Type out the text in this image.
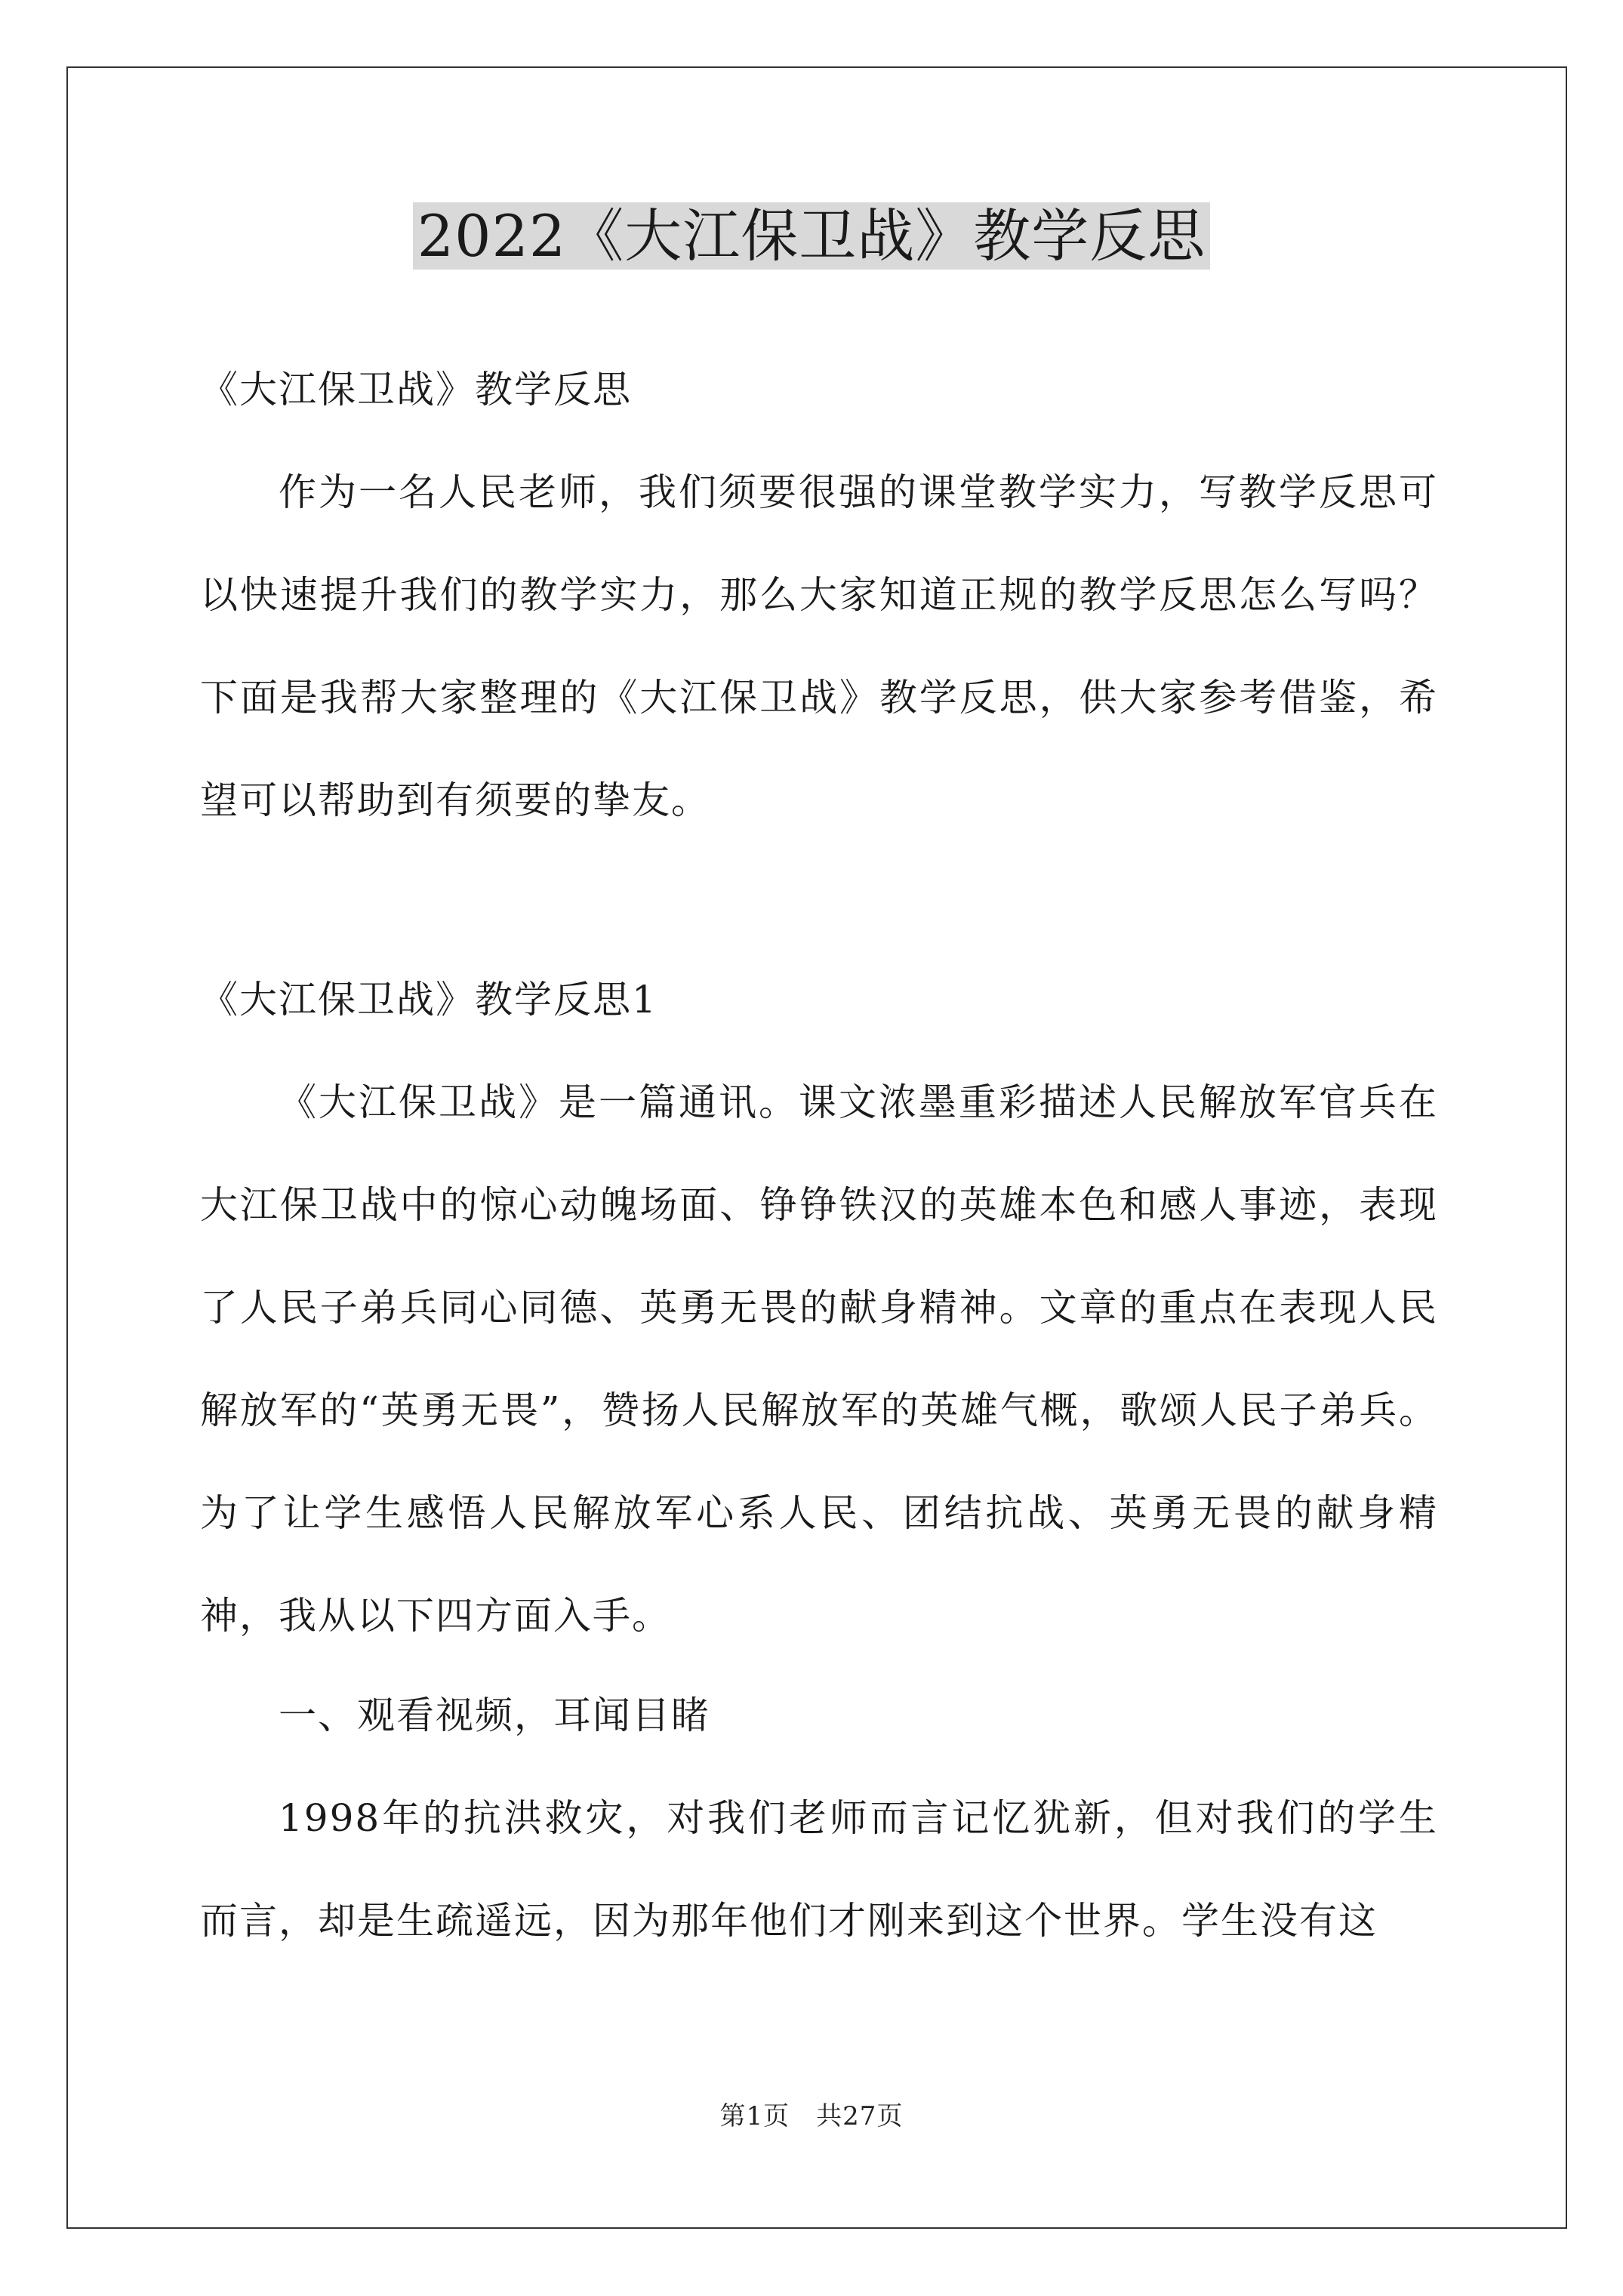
2022《大江保卫战》教学反思
《大江保卫战》教学反思
作为一名人民老师，我们须要很强的课堂教学实力，写教学反思可以快速提升我们的教学实力，那么大家知道正规的教学反思怎么写吗？下面是我帮大家整理的《大江保卫战》教学反思，供大家参考借鉴，希望可以帮助到有须要的挚友。
《大江保卫战》教学反思1
《大江保卫战》是一篇通讯。课文浓墨重彩描述人民解放军官兵在大江保卫战中的惊心动魄场面、铮铮铁汉的英雄本色和感人事迹，表现了人民子弟兵同心同德、英勇无畏的献身精神。文章的重点在表现人民解放军的“英勇无畏”，赞扬人民解放军的英雄气概，歌颂人民子弟兵。为了让学生感悟人民解放军心系人民、团结抗战、英勇无畏的献身精神，我从以下四方面入手。
一、观看视频，耳闻目睹
1998年的抗洪救灾，对我们老师而言记忆犹新，但对我们的学生而言，却是生疏遥远，因为那年他们才刚来到这个世界。学生没有这
第1页　共27页
